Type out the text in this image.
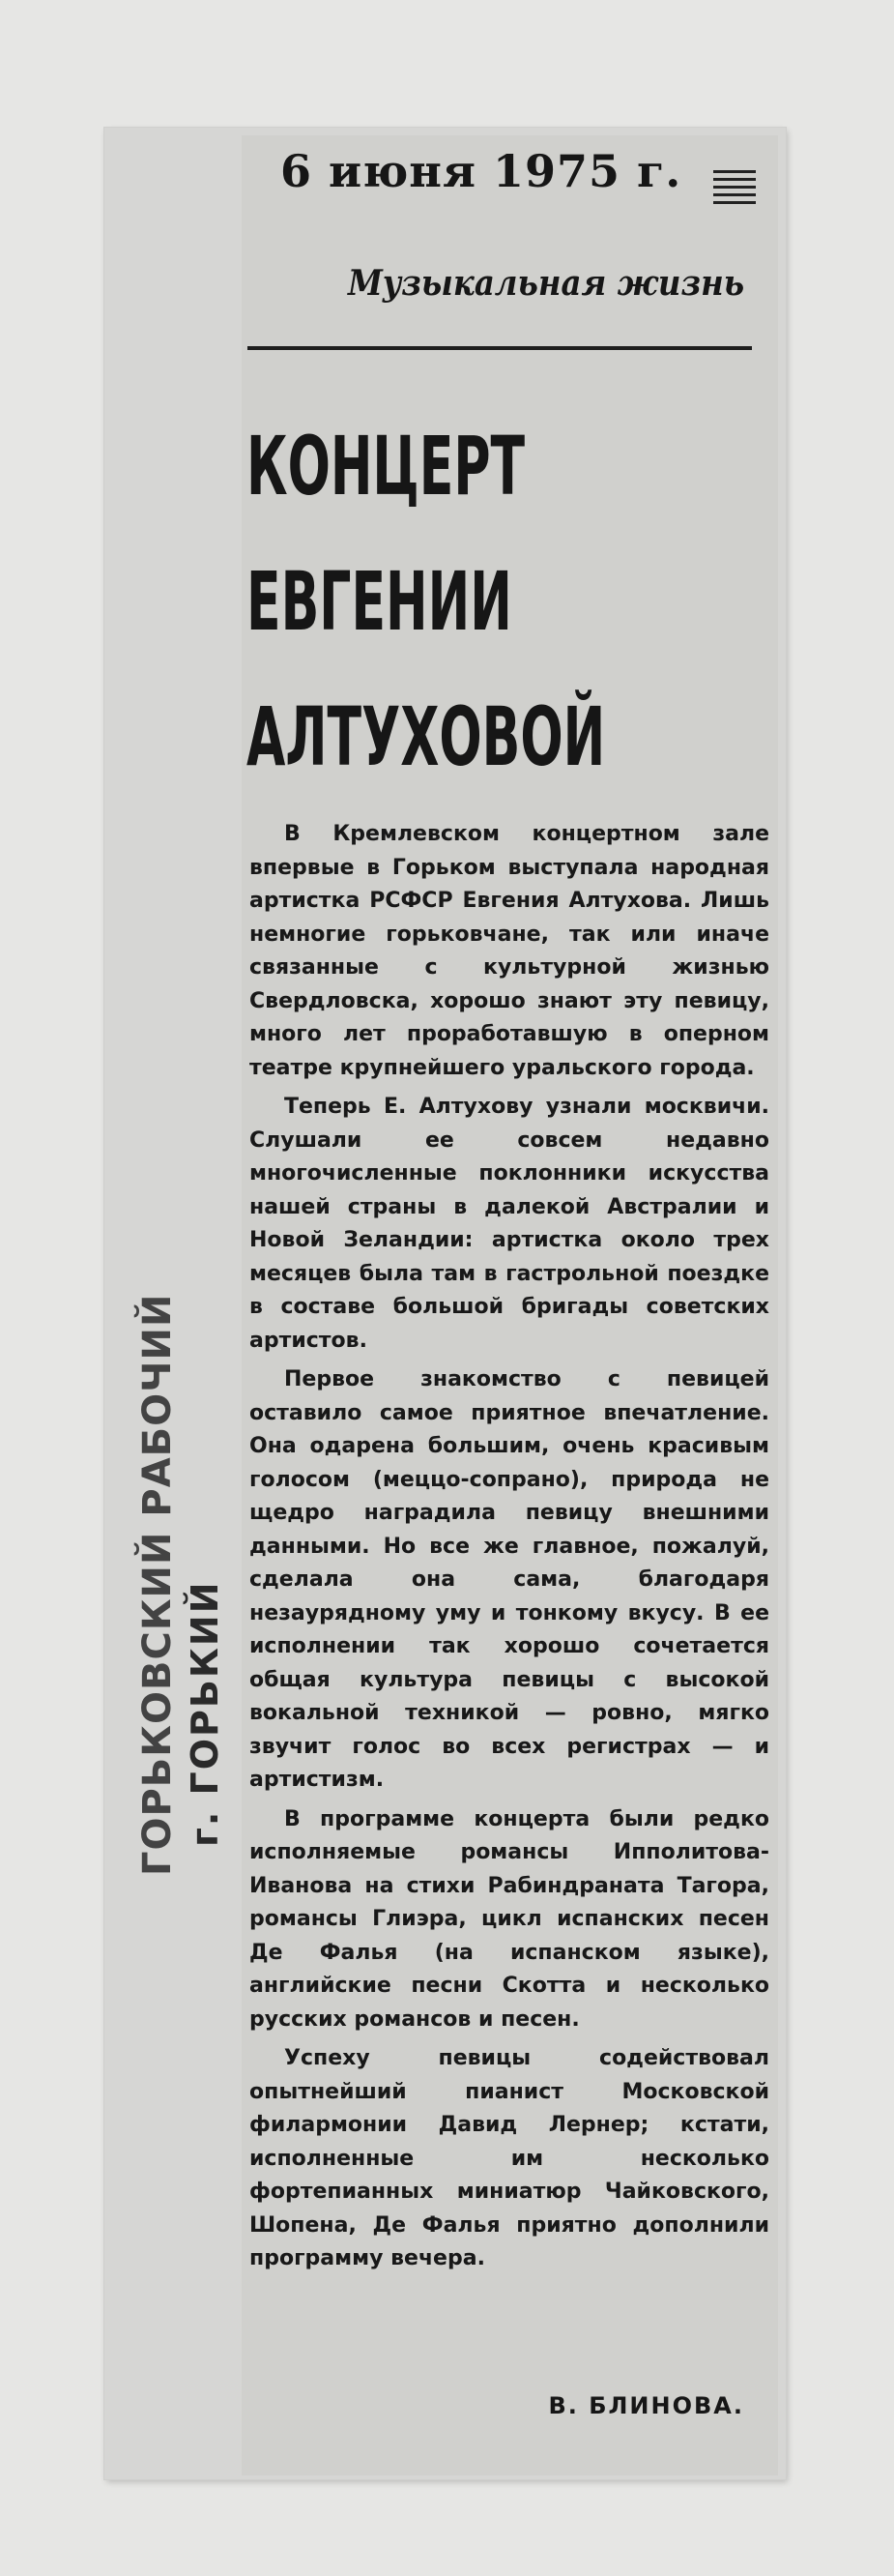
6 июня 1975 г.
Музыкальная жизнь
КОНЦЕРТ
ЕВГЕНИИ
АЛТУХОВОЙ

В Кремлевском концертном зале впервые в Горьком выступала народная артистка РСФСР Евгения Алтухова. Лишь немногие горьковчане, так или иначе связанные с культурной жизнью Свердловска, хорошо знают эту певицу, много лет проработавшую в оперном театре крупнейшего уральского города.

Теперь Е. Алтухову узнали москвичи. Слушали ее совсем недавно многочисленные поклонники искусства нашей страны в далекой Австралии и Новой Зеландии: артистка около трех месяцев была там в гастрольной поездке в составе большой бригады советских артистов.

Первое знакомство с певицей оставило самое приятное впечатление. Она одарена большим, очень красивым голосом (меццо-сопрано), природа не щедро наградила певицу внешними данными. Но все же главное, пожалуй, сделала она сама, благодаря незаурядному уму и тонкому вкусу. В ее исполнении так хорошо сочетается общая культура певицы с высокой вокальной техникой — ровно, мягко звучит голос во всех регистрах — и артистизм.

В программе концерта были редко исполняемые романсы Ипполитова-Иванова на стихи Рабиндраната Тагора, романсы Глиэра, цикл испанских песен Де Фалья (на испанском языке), английские песни Скотта и несколько русских романсов и песен.

Успеху певицы содействовал опытнейший пианист Московской филармонии Давид Лернер; кстати, исполненные им несколько фортепианных миниатюр Чайковского, Шопена, Де Фалья приятно дополнили программу вечера.

В. БЛИНОВА.
ГОРЬКОВСКИЙ РАБОЧИЙ г. ГОРЬКИЙ
